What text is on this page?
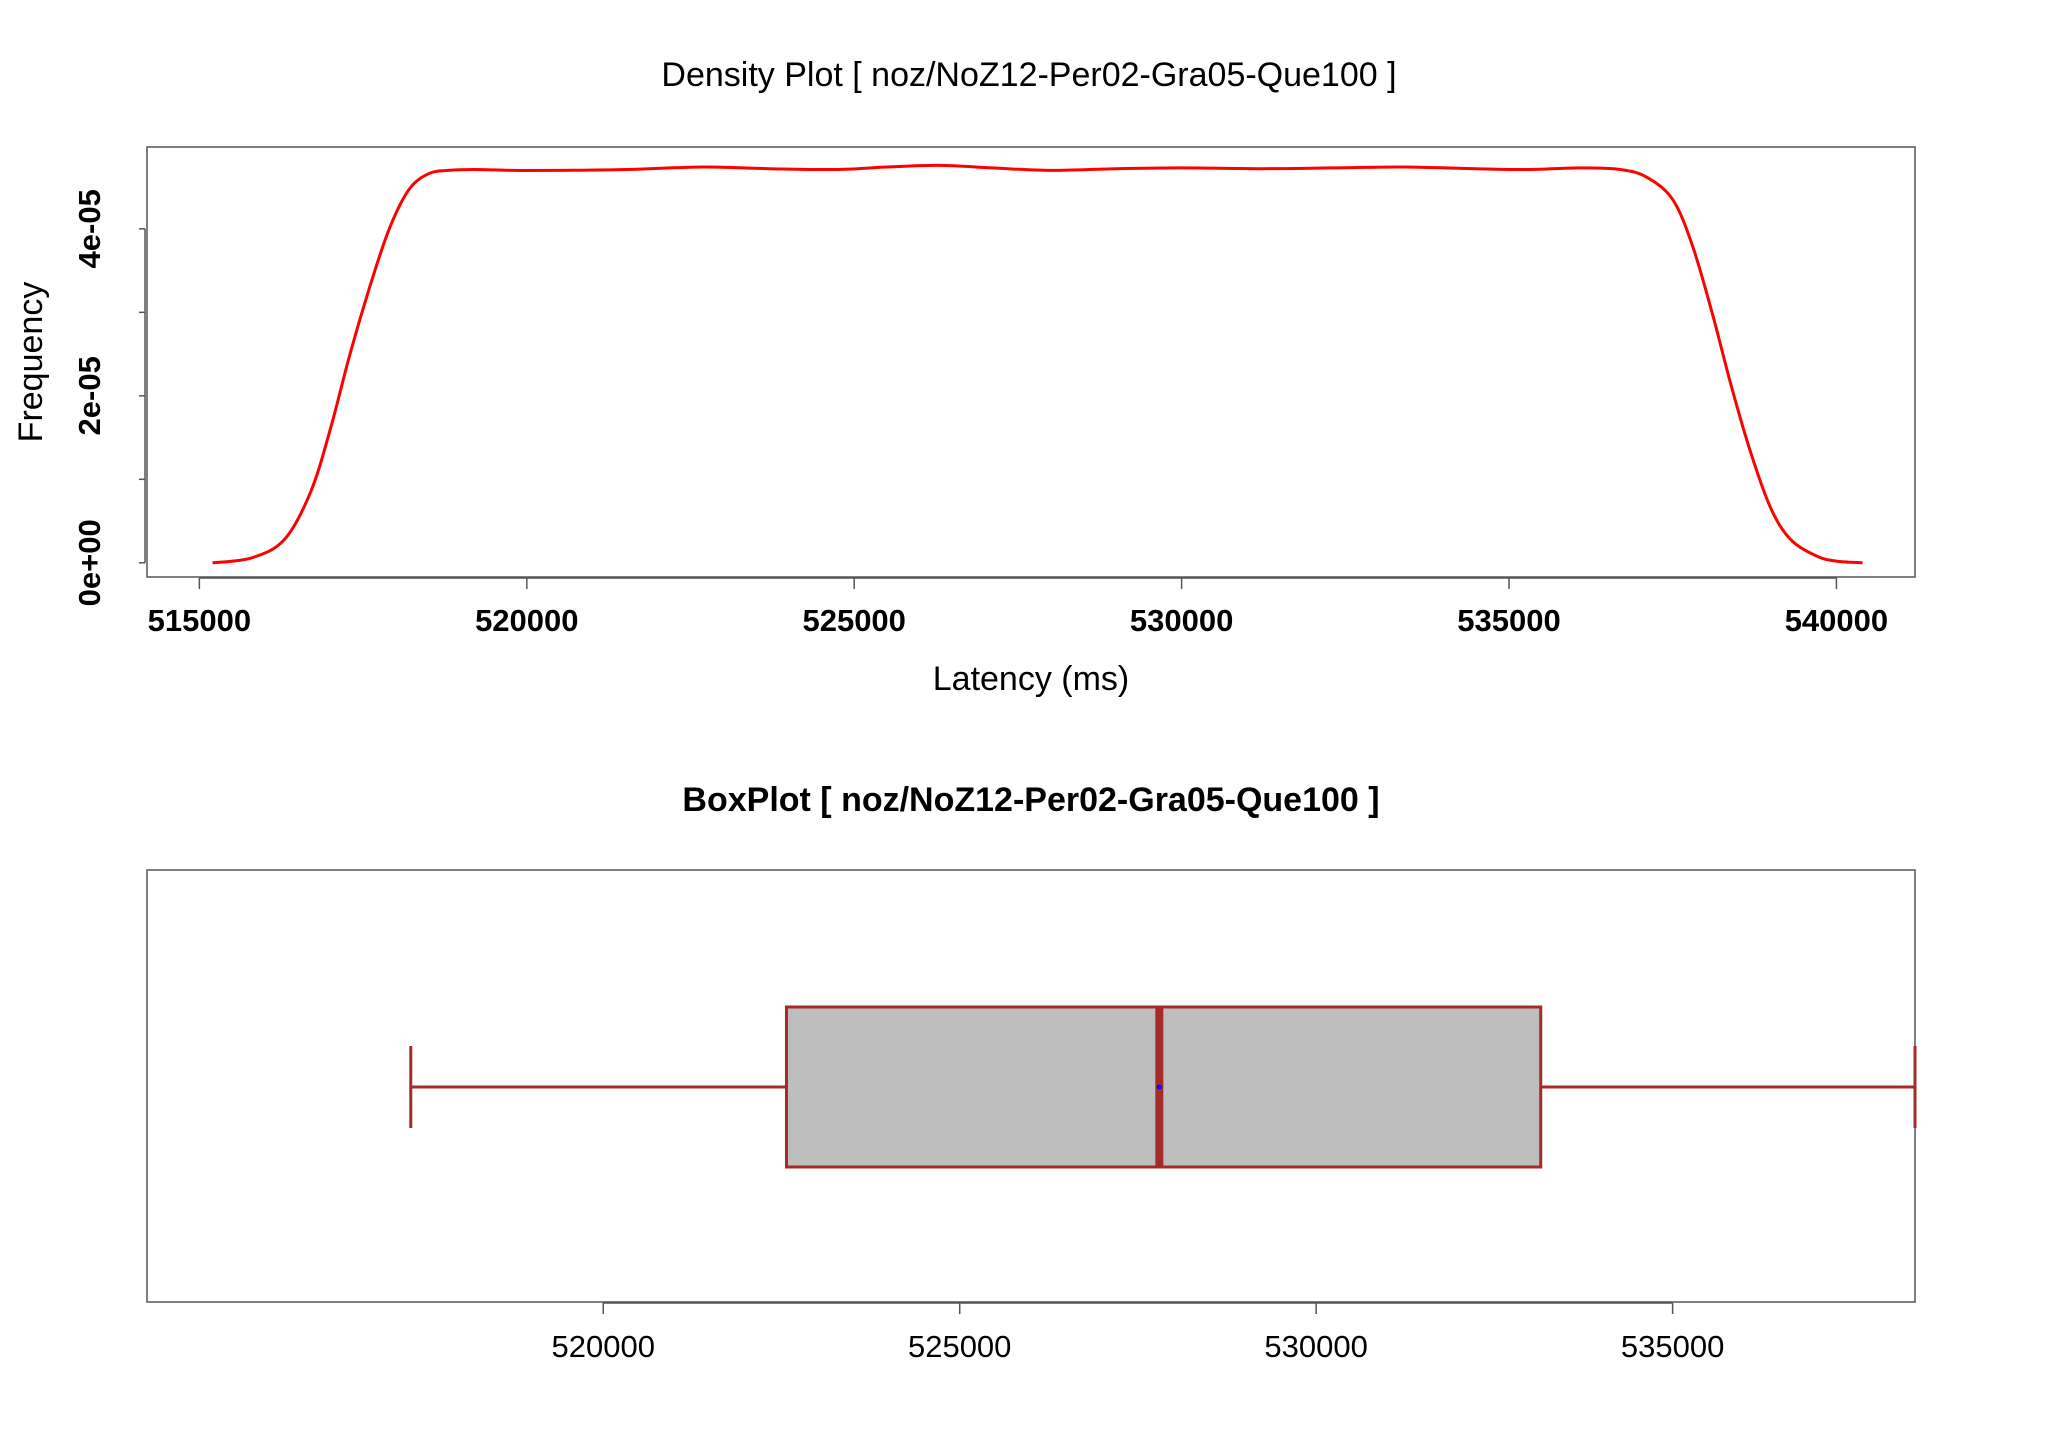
Density Plot [ noz/NoZ12-Per02-Gra05-Que100 ]
515000	520000	525000	530000	535000	540000
0e+00
2e-05
4e-05
Latency (ms)
Frequency
BoxPlot [ noz/NoZ12-Per02-Gra05-Que100 ]
520000	525000	530000	535000
